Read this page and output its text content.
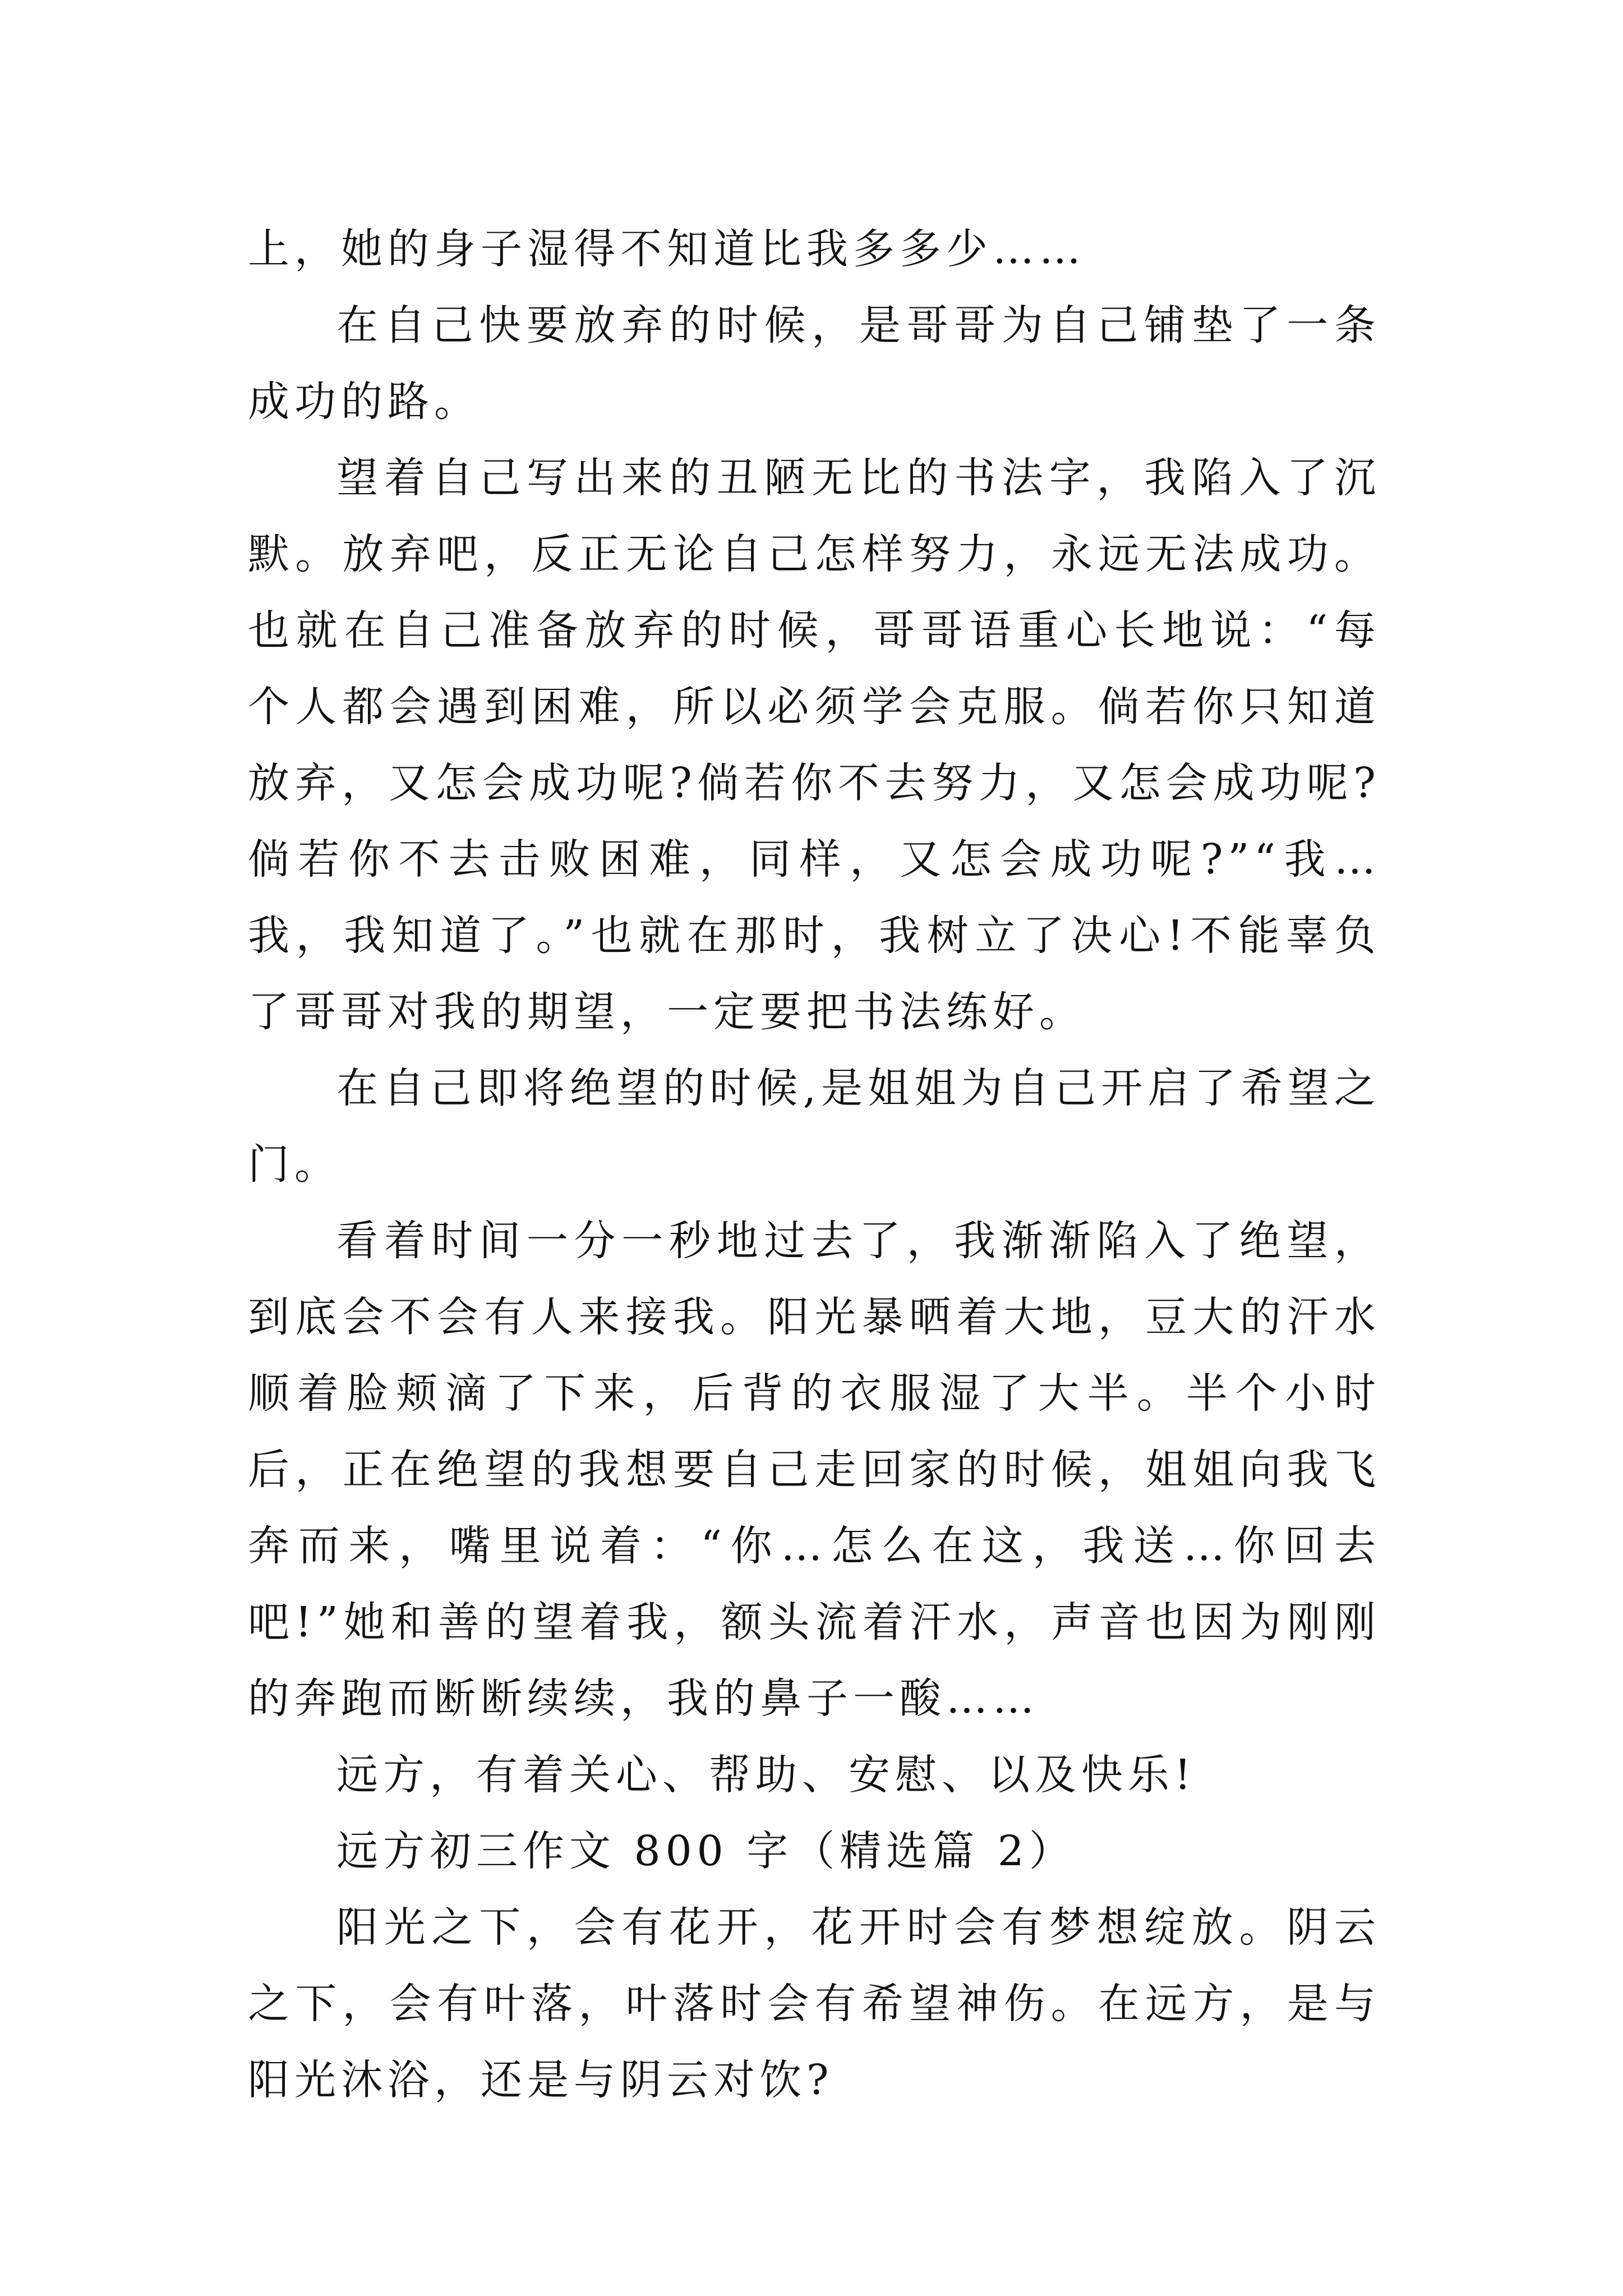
上，她的身子湿得不知道比我多多少……

在自己快要放弃的时候，是哥哥为自己铺垫了一条成功的路。

望着自己写出来的丑陋无比的书法字，我陷入了沉默。放弃吧，反正无论自己怎样努力，永远无法成功。也就在自己准备放弃的时候，哥哥语重心长地说：“每个人都会遇到困难，所以必须学会克服。倘若你只知道放弃，又怎会成功呢?倘若你不去努力，又怎会成功呢?倘若你不去击败困难，同样，又怎会成功呢?”“我…我，我知道了。”也就在那时，我树立了决心!不能辜负了哥哥对我的期望，一定要把书法练好。

在自己即将绝望的时候,是姐姐为自己开启了希望之门。

看着时间一分一秒地过去了，我渐渐陷入了绝望，到底会不会有人来接我。阳光暴晒着大地，豆大的汗水顺着脸颊滴了下来，后背的衣服湿了大半。半个小时后，正在绝望的我想要自己走回家的时候，姐姐向我飞奔而来，嘴里说着：“你…怎么在这，我送…你回去吧!”她和善的望着我，额头流着汗水，声音也因为刚刚的奔跑而断断续续，我的鼻子一酸……

远方，有着关心、帮助、安慰、以及快乐!

远方初三作文 800 字（精选篇 2）

阳光之下，会有花开，花开时会有梦想绽放。阴云之下，会有叶落，叶落时会有希望神伤。在远方，是与阳光沐浴，还是与阴云对饮?
